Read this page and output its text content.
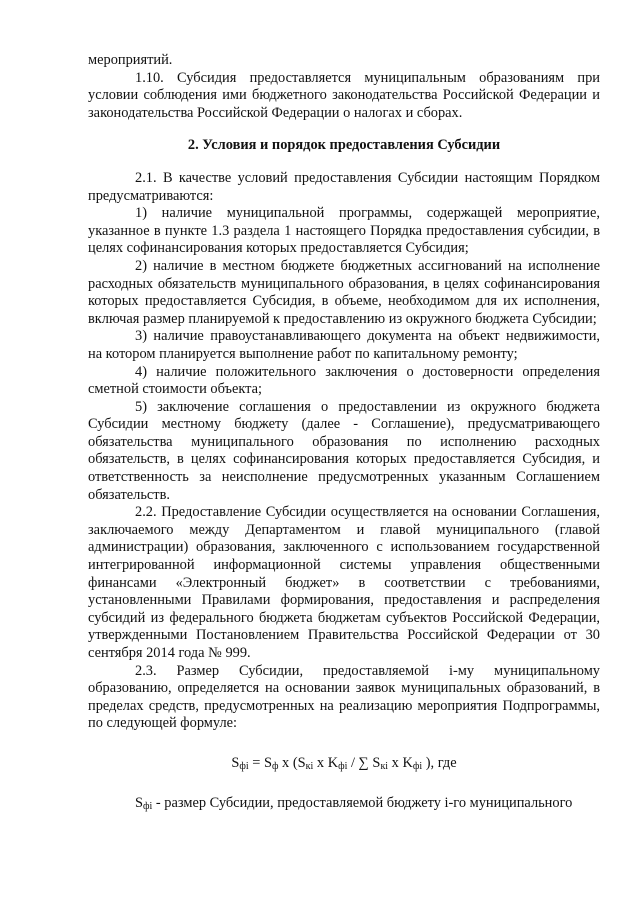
мероприятий.

1.10. Субсидия предоставляется муниципальным образованиям при условии соблюдения ими бюджетного законодательства Российской Федерации и законодательства Российской Федерации о налогах и сборах.

2. Условия и порядок предоставления Субсидии

2.1. В качестве условий предоставления Субсидии настоящим Порядком предусматриваются:

1) наличие муниципальной программы, содержащей мероприятие, указанное в пункте 1.3 раздела 1 настоящего Порядка предоставления субсидии, в целях софинансирования которых предоставляется Субсидия;

2) наличие в местном бюджете бюджетных ассигнований на исполнение расходных обязательств муниципального образования, в целях софинансирования которых предоставляется Субсидия, в объеме, необходимом для их исполнения, включая размер планируемой к предоставлению из окружного бюджета Субсидии;

3) наличие правоустанавливающего документа на объект недвижимости, на котором планируется выполнение работ по капитальному ремонту;

4) наличие положительного заключения о достоверности определения сметной стоимости объекта;

5) заключение соглашения о предоставлении из окружного бюджета Субсидии местному бюджету (далее - Соглашение), предусматривающего обязательства муниципального образования по исполнению расходных обязательств, в целях софинансирования которых предоставляется Субсидия, и ответственность за неисполнение предусмотренных указанным Соглашением обязательств.

2.2. Предоставление Субсидии осуществляется на основании Соглашения, заключаемого между Департаментом и главой муниципального (главой администрации) образования, заключенного с использованием государственной интегрированной информационной системы управления общественными финансами «Электронный бюджет» в соответствии с требованиями, установленными Правилами формирования, предоставления и распределения субсидий из федерального бюджета бюджетам субъектов Российской Федерации, утвержденными Постановлением Правительства Российской Федерации от 30 сентября 2014 года № 999.

2.3. Размер Субсидии, предоставляемой i-му муниципальному образованию, определяется на основании заявок муниципальных образований, в пределах средств, предусмотренных на реализацию мероприятия Подпрограммы, по следующей формуле:

$S_{фi} = S_ф$ x ($S_{кi}$ x $K_{фi}$ / ∑ $S_{кi}$ x $K_{фi}$ ), где

$S_{фi}$ - размер Субсидии, предоставляемой бюджету i-го муниципального
